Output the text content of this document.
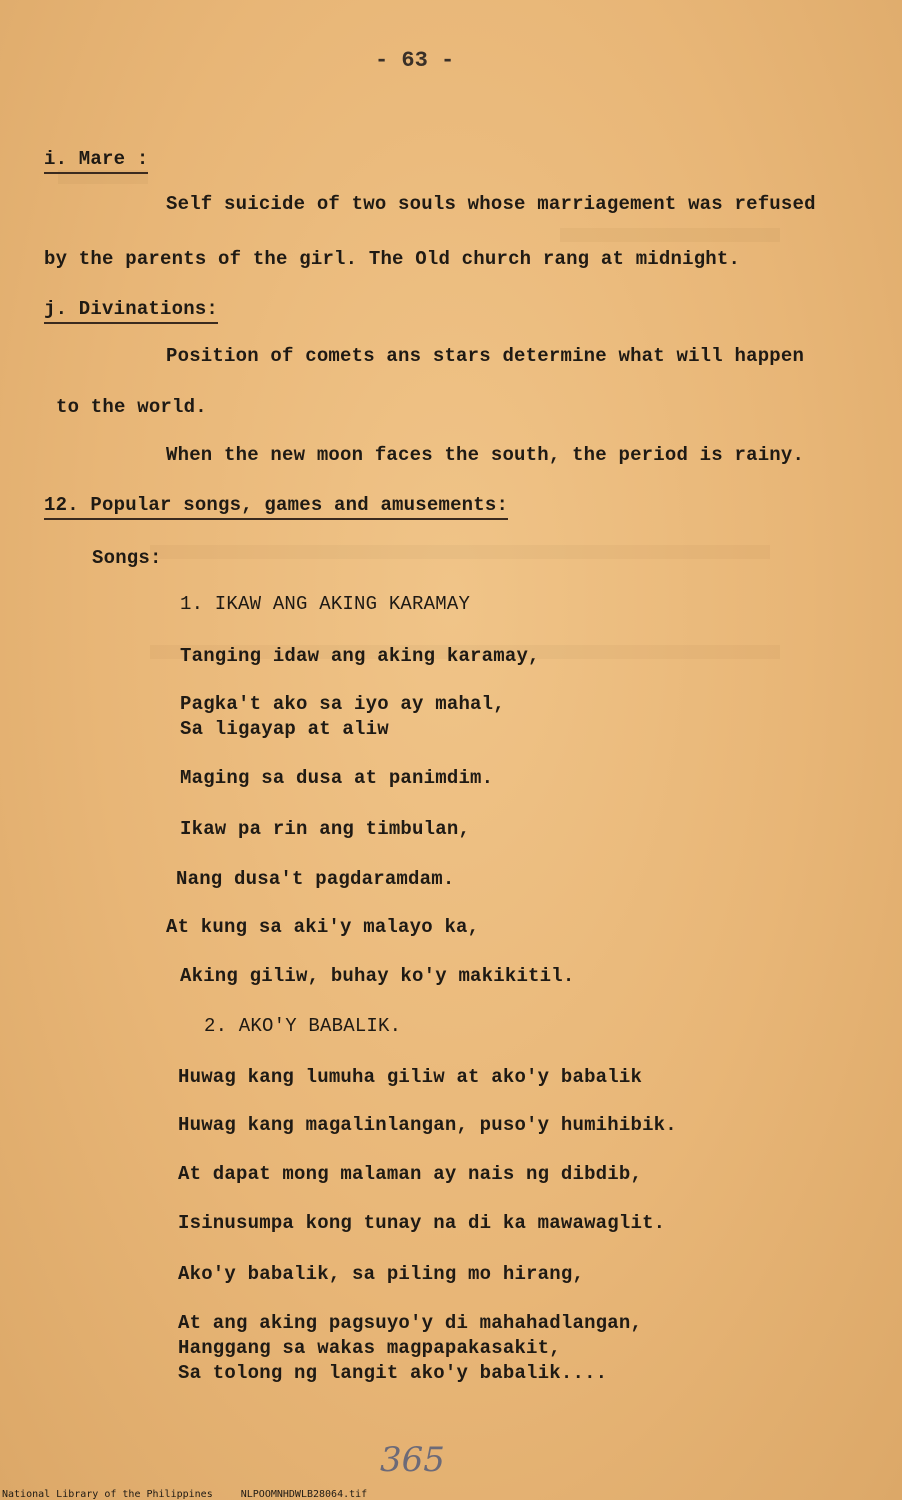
- 63 -
i. Mare :
Self suicide of two souls whose marriagement was refused
by the parents of the girl. The Old church rang at midnight.
j. Divinations:
Position of comets ans stars determine what will happen
to the world.
When the new moon faces the south, the period is rainy.
12. Popular songs, games and amusements:
Songs:
1. IKAW ANG AKING KARAMAY
Tanging idaw ang aking karamay,
Pagka't ako sa iyo ay mahal,
Sa ligayap at aliw
Maging sa dusa at panimdim.
Ikaw pa rin ang timbulan,
Nang dusa't pagdaramdam.
At kung sa aki'y malayo ka,
Aking giliw, buhay ko'y makikitil.
2. AKO'Y BABALIK.
Huwag kang lumuha giliw at ako'y babalik
Huwag kang magalinlangan, puso'y humihibik.
At dapat mong malaman ay nais ng dibdib,
Isinusumpa kong tunay na di ka mawawaglit.
Ako'y babalik, sa piling mo hirang,
At ang aking pagsuyo'y di mahahadlangan,
Hanggang sa wakas magpapakasakit,
Sa tolong ng langit ako'y babalik....
365
National Library of the Philippines	NLPOOMNHDWLB28064.tif
